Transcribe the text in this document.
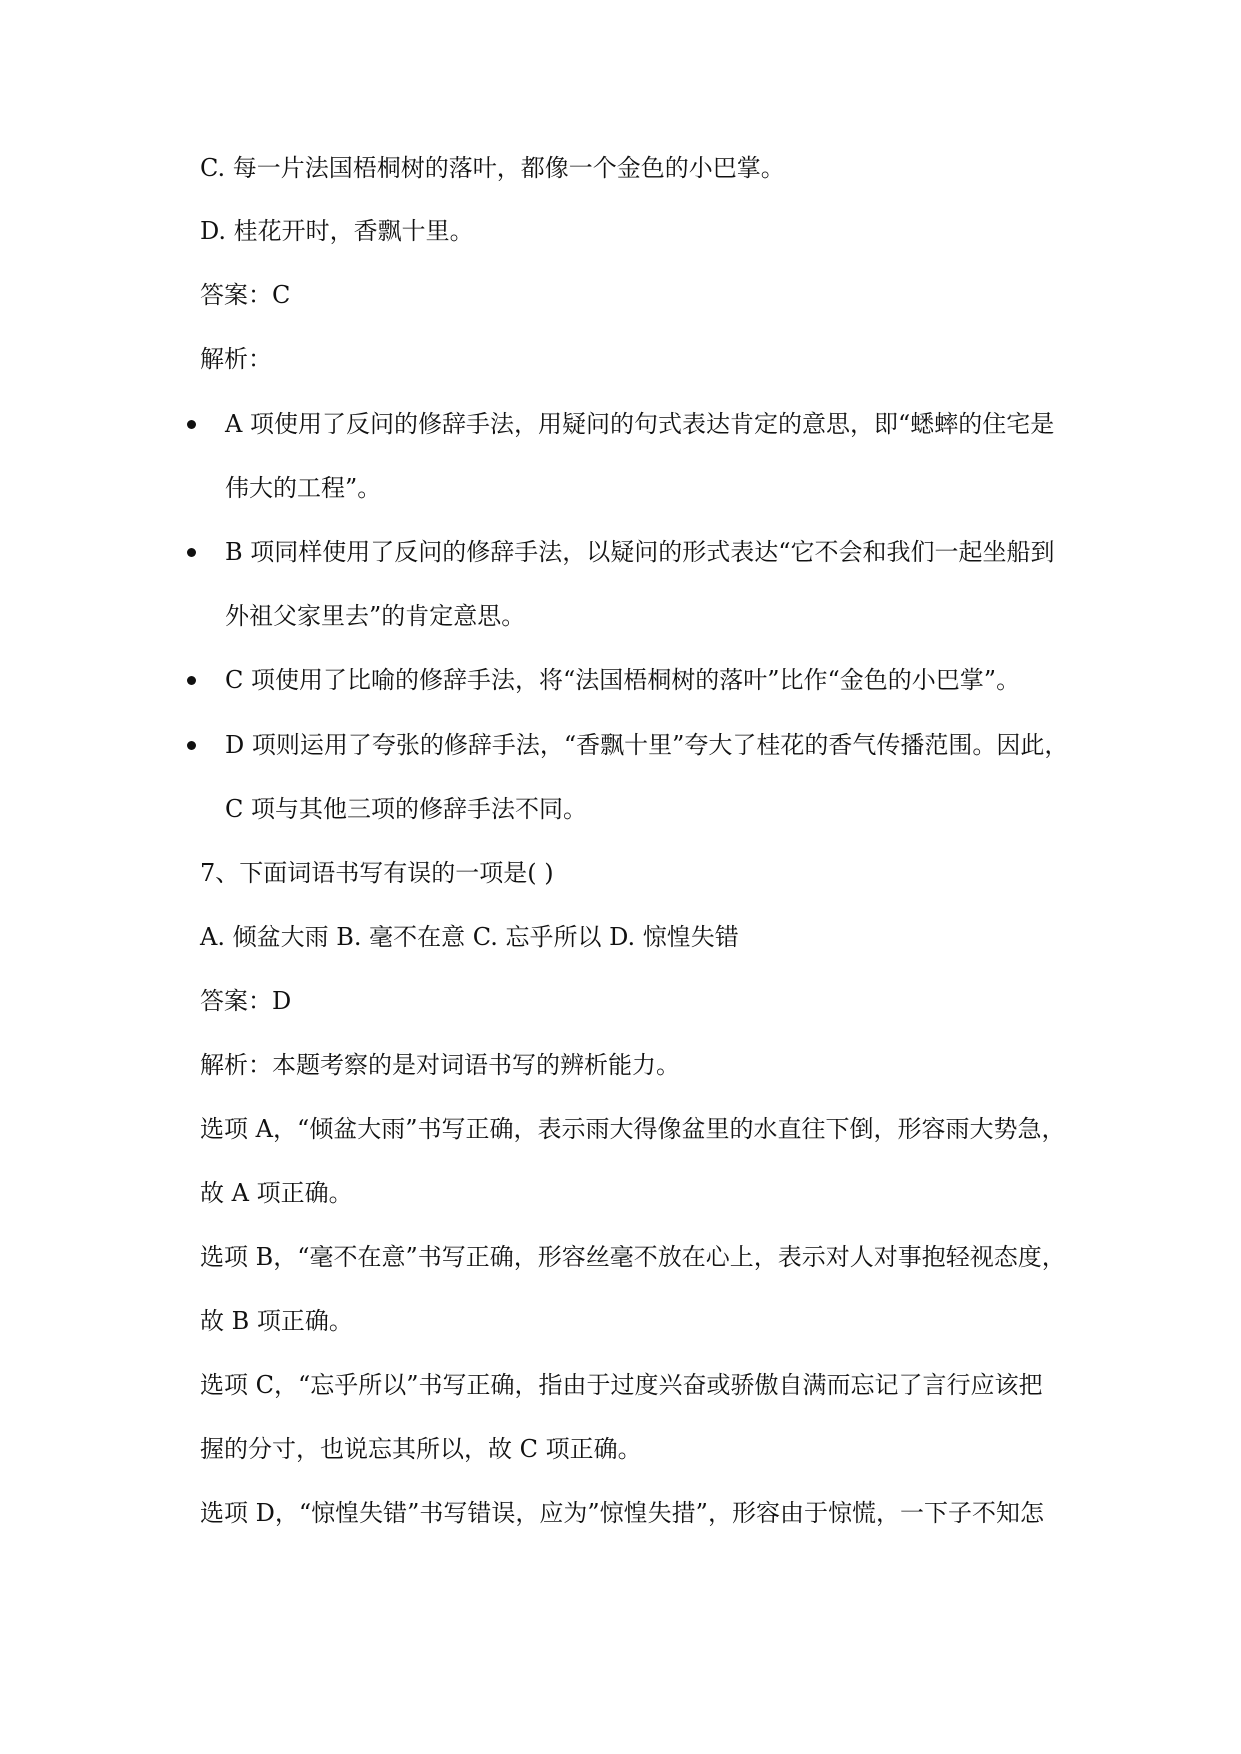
C. 每一片法国梧桐树的落叶，都像一个金色的小巴掌。
D. 桂花开时，香飘十里。
答案：C
解析：
A 项使用了反问的修辞手法，用疑问的句式表达肯定的意思，即“蟋蟀的住宅是
伟大的工程”。
B 项同样使用了反问的修辞手法，以疑问的形式表达“它不会和我们一起坐船到
外祖父家里去”的肯定意思。
C 项使用了比喻的修辞手法，将“法国梧桐树的落叶”比作“金色的小巴掌”。
D 项则运用了夸张的修辞手法，“香飘十里”夸大了桂花的香气传播范围。因此，
C 项与其他三项的修辞手法不同。
7、下面词语书写有误的一项是( )
A. 倾盆大雨 B. 毫不在意 C. 忘乎所以 D. 惊惶失错
答案：D
解析：本题考察的是对词语书写的辨析能力。
选项 A，“倾盆大雨”书写正确，表示雨大得像盆里的水直往下倒，形容雨大势急，
故 A 项正确。
选项 B，“毫不在意”书写正确，形容丝毫不放在心上，表示对人对事抱轻视态度，
故 B 项正确。
选项 C，“忘乎所以”书写正确，指由于过度兴奋或骄傲自满而忘记了言行应该把
握的分寸，也说忘其所以，故 C 项正确。
选项 D，“惊惶失错”书写错误，应为”惊惶失措”，形容由于惊慌，一下子不知怎
